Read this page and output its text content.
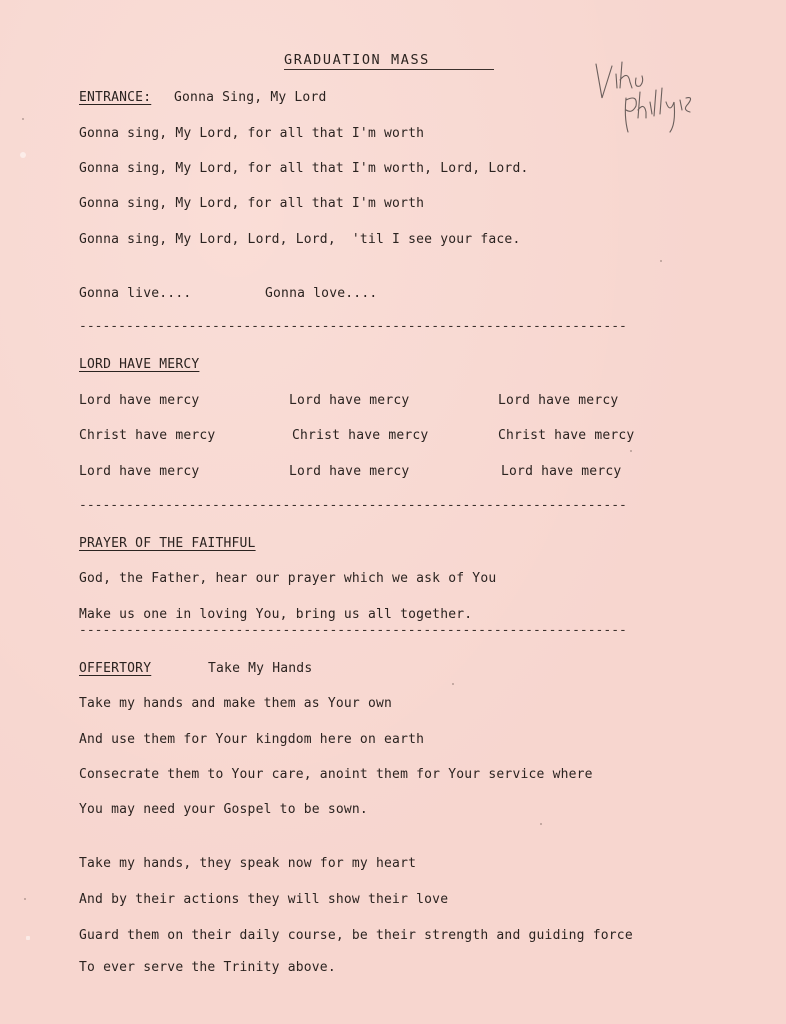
GRADUATION MASS
ENTRANCE: Gonna Sing, My Lord
Gonna sing, My Lord, for all that I'm worth
Gonna sing, My Lord, for all that I'm worth, Lord, Lord.
Gonna sing, My Lord, for all that I'm worth
Gonna sing, My Lord, Lord, Lord,  'til I see your face.
Gonna live....	Gonna love....
----------------------------------------------------------------------
LORD HAVE MERCY
Lord have mercy	Lord have mercy	Lord have mercy
Christ have mercy	Christ have mercy	Christ have mercy
Lord have mercy	Lord have mercy	Lord have mercy
----------------------------------------------------------------------
PRAYER OF THE FAITHFUL
God, the Father, hear our prayer which we ask of You
Make us one in loving You, bring us all together.
----------------------------------------------------------------------
OFFERTORY	Take My Hands
Take my hands and make them as Your own
And use them for Your kingdom here on earth
Consecrate them to Your care, anoint them for Your service where
You may need your Gospel to be sown.
Take my hands, they speak now for my heart
And by their actions they will show their love
Guard them on their daily course, be their strength and guiding force
To ever serve the Trinity above.
